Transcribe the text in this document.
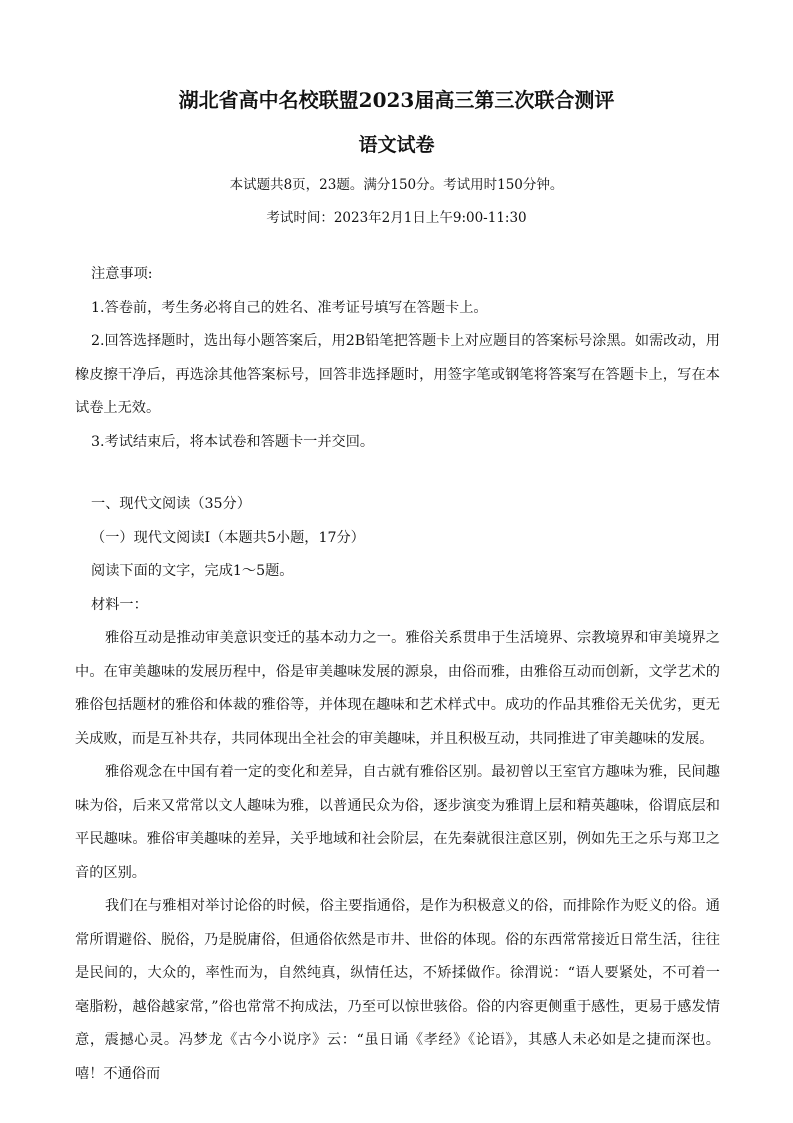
湖北省高中名校联盟2023届高三第三次联合测评
语文试卷
本试题共8页，23题。满分150分。考试用时150分钟。
考试时间：2023年2月1日上午9:00-11:30

注意事项:

1.答卷前，考生务必将自己的姓名、准考证号填写在答题卡上。

2.回答选择题时，选出每小题答案后，用2B铅笔把答题卡上对应题目的答案标号涂黑。如需改动，用橡皮擦干净后，再选涂其他答案标号，回答非选择题时，用签字笔或钢笔将答案写在答题卡上，写在本试卷上无效。

3.考试结束后，将本试卷和答题卡一并交回。

一、现代文阅读（35分）

（一）现代文阅读Ⅰ（本题共5小题，17分）

阅读下面的文字，完成1～5题。

材料一：

雅俗互动是推动审美意识变迁的基本动力之一。雅俗关系贯串于生活境界、宗教境界和审美境界之中。在审美趣味的发展历程中，俗是审美趣味发展的源泉，由俗而雅，由雅俗互动而创新，文学艺术的雅俗包括题材的雅俗和体裁的雅俗等，并体现在趣味和艺术样式中。成功的作品其雅俗无关优劣，更无关成败，而是互补共存，共同体现出全社会的审美趣味，并且积极互动，共同推进了审美趣味的发展。

雅俗观念在中国有着一定的变化和差异，自古就有雅俗区别。最初曾以王室官方趣味为雅，民间趣味为俗，后来又常常以文人趣味为雅，以普通民众为俗，逐步演变为雅谓上层和精英趣味，俗谓底层和平民趣味。雅俗审美趣味的差异，关乎地域和社会阶层，在先秦就很注意区别，例如先王之乐与郑卫之音的区别。

我们在与雅相对举讨论俗的时候，俗主要指通俗，是作为积极意义的俗，而排除作为贬义的俗。通常所谓避俗、脱俗，乃是脱庸俗，但通俗依然是市井、世俗的体现。俗的东西常常接近日常生活，往往是民间的，大众的，率性而为，自然纯真，纵情任达，不矫揉做作。徐渭说：“语人要紧处，不可着一毫脂粉，越俗越家常，”俗也常常不拘成法，乃至可以惊世骇俗。俗的内容更侧重于感性，更易于感发情意，震撼心灵。冯梦龙《古今小说序》云：“虽日诵《孝经》《论语》，其感人未必如是之捷而深也。嘻！不通俗而
